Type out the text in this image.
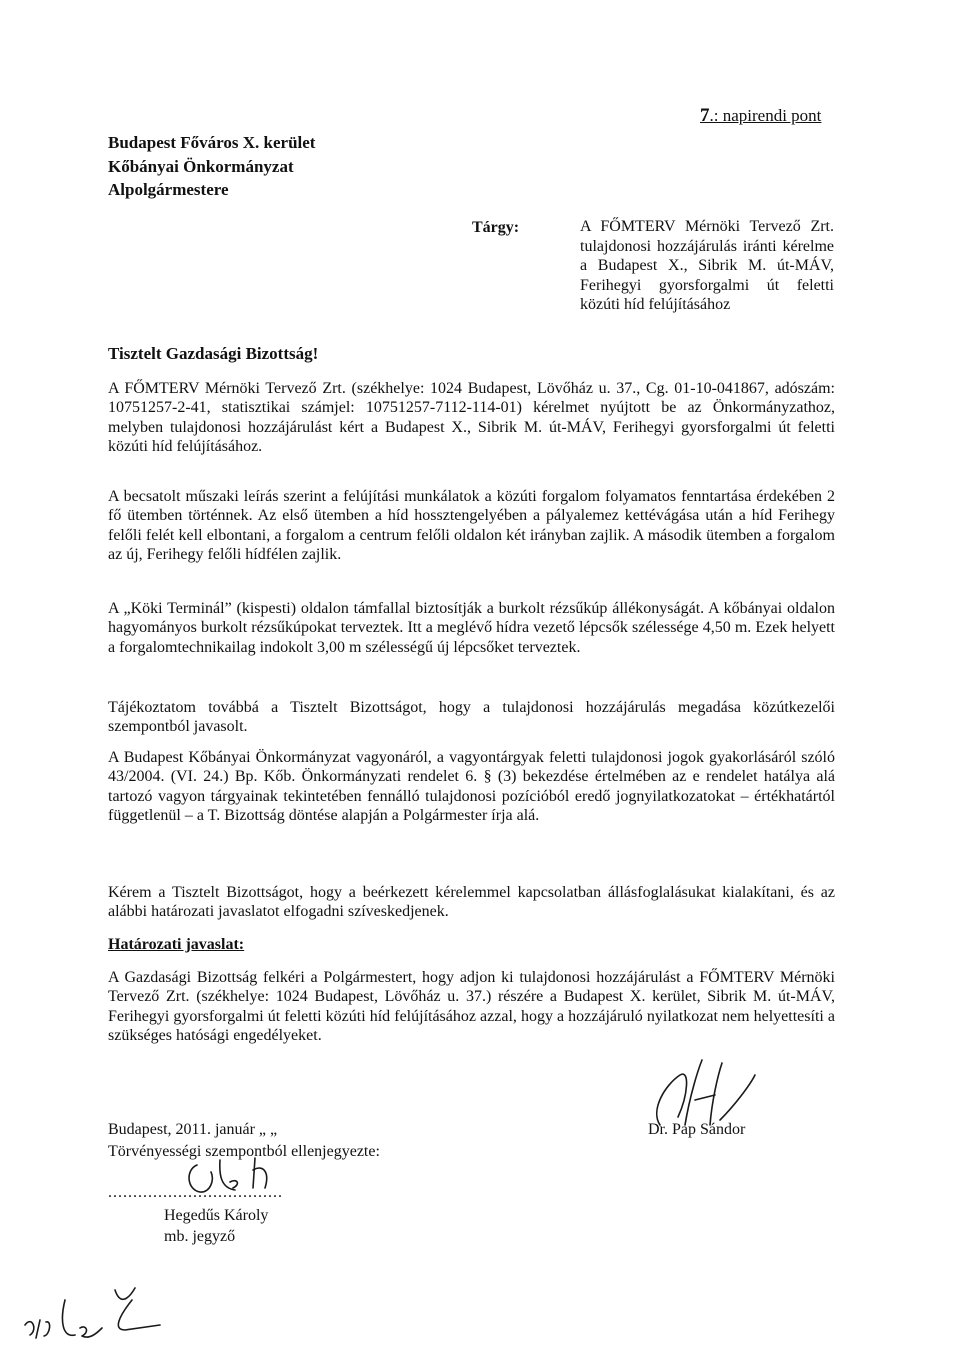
Budapest Főváros X. kerület
Kőbányai Önkormányzat
Alpolgármestere
7.: napirendi pont
Tárgy:	A FŐMTERV Mérnöki Tervező Zrt. tulajdonosi hozzájárulás iránti kérelme a Budapest X., Sibrik M. út-MÁV, Ferihegyi gyorsforgalmi út feletti közúti híd felújításához
Tisztelt Gazdasági Bizottság!
A FŐMTERV Mérnöki Tervező Zrt. (székhelye: 1024 Budapest, Lövőház u. 37., Cg. 01-10-041867, adószám: 10751257-2-41, statisztikai számjel: 10751257-7112-114-01) kérelmet nyújtott be az Önkormányzathoz, melyben tulajdonosi hozzájárulást kért a Budapest X., Sibrik M. út-MÁV, Ferihegyi gyorsforgalmi út feletti közúti híd felújításához.
A becsatolt műszaki leírás szerint a felújítási munkálatok a közúti forgalom folyamatos fenntartása érdekében 2 fő ütemben történnek. Az első ütemben a híd hossztengelyében a pályalemez kettévágása után a híd Ferihegy felőli felét kell elbontani, a forgalom a centrum felőli oldalon két irányban zajlik. A második ütemben a forgalom az új, Ferihegy felőli hídfélen zajlik.
A „Köki Terminál” (kispesti) oldalon támfallal biztosítják a burkolt rézsűkúp állékonyságát. A kőbányai oldalon hagyományos burkolt rézsűkúpokat terveztek. Itt a meglévő hídra vezető lépcsők szélessége 4,50 m. Ezek helyett a forgalomtechnikailag indokolt 3,00 m szélességű új lépcsőket terveztek.
Tájékoztatom továbbá a Tisztelt Bizottságot, hogy a tulajdonosi hozzájárulás megadása közútkezelői szempontból javasolt.
A Budapest Kőbányai Önkormányzat vagyonáról, a vagyontárgyak feletti tulajdonosi jogok gyakorlásáról szóló 43/2004. (VI. 24.) Bp. Kőb. Önkormányzati rendelet 6. § (3) bekezdése értelmében az e rendelet hatálya alá tartozó vagyon tárgyainak tekintetében fennálló tulajdonosi pozícióból eredő jognyilatkozatokat – értékhatártól függetlenül – a T. Bizottság döntése alapján a Polgármester írja alá.
Kérem a Tisztelt Bizottságot, hogy a beérkezett kérelemmel kapcsolatban állásfoglalásukat kialakítani, és az alábbi határozati javaslatot elfogadni szíveskedjenek.
Határozati javaslat:
A Gazdasági Bizottság felkéri a Polgármestert, hogy adjon ki tulajdonosi hozzájárulást a FŐMTERV Mérnöki Tervező Zrt. (székhelye: 1024 Budapest, Lövőház u. 37.) részére a Budapest X. kerület, Sibrik M. út-MÁV, Ferihegyi gyorsforgalmi út feletti közúti híd felújításához azzal, hogy a hozzájáruló nyilatkozat nem helyettesíti a szükséges hatósági engedélyeket.
Budapest, 2011. január „ „	Dr. Pap Sándor
Törvényességi szempontból ellenjegyezte:
...................................
Hegedűs Károly
mb. jegyző
